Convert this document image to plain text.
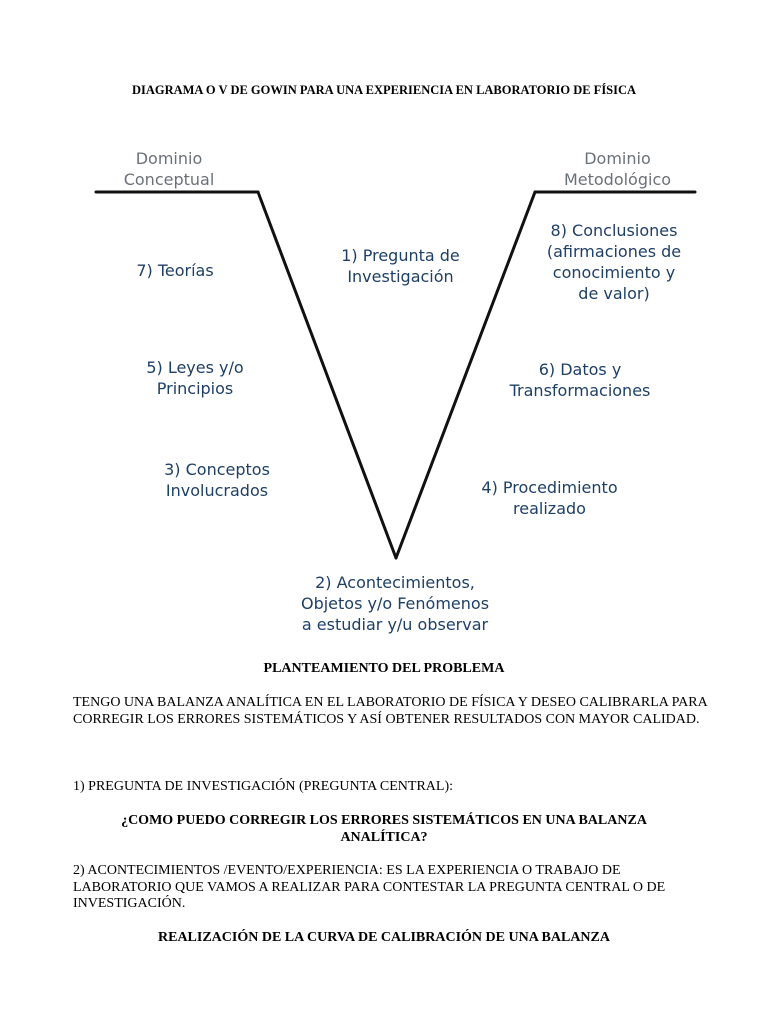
DIAGRAMA O V DE GOWIN PARA UNA EXPERIENCIA EN LABORATORIO DE FÍSICA
Dominio
Conceptual
Dominio
Metodológico
7) Teorías
1) Pregunta de
Investigación
8) Conclusiones
(afirmaciones de
conocimiento y
de valor)
5) Leyes y/o
Principios
6) Datos y
Transformaciones
3) Conceptos
Involucrados	4) Procedimiento
realizado
2) Acontecimientos,
Objetos y/o Fenómenos
a estudiar y/u observar
PLANTEAMIENTO DEL PROBLEMA
TENGO UNA BALANZA ANALÍTICA EN EL LABORATORIO DE FÍSICA Y DESEO CALIBRARLA PARA CORREGIR LOS ERRORES SISTEMÁTICOS Y ASÍ OBTENER RESULTADOS CON MAYOR CALIDAD.
1) PREGUNTA DE INVESTIGACIÓN (PREGUNTA CENTRAL):
¿COMO PUEDO CORREGIR LOS ERRORES SISTEMÁTICOS EN UNA BALANZA ANALÍTICA?
2) ACONTECIMIENTOS /EVENTO/EXPERIENCIA: ES LA EXPERIENCIA O TRABAJO DE LABORATORIO QUE VAMOS A REALIZAR PARA CONTESTAR LA PREGUNTA CENTRAL O DE INVESTIGACIÓN.
REALIZACIÓN DE LA CURVA DE CALIBRACIÓN DE UNA BALANZA
